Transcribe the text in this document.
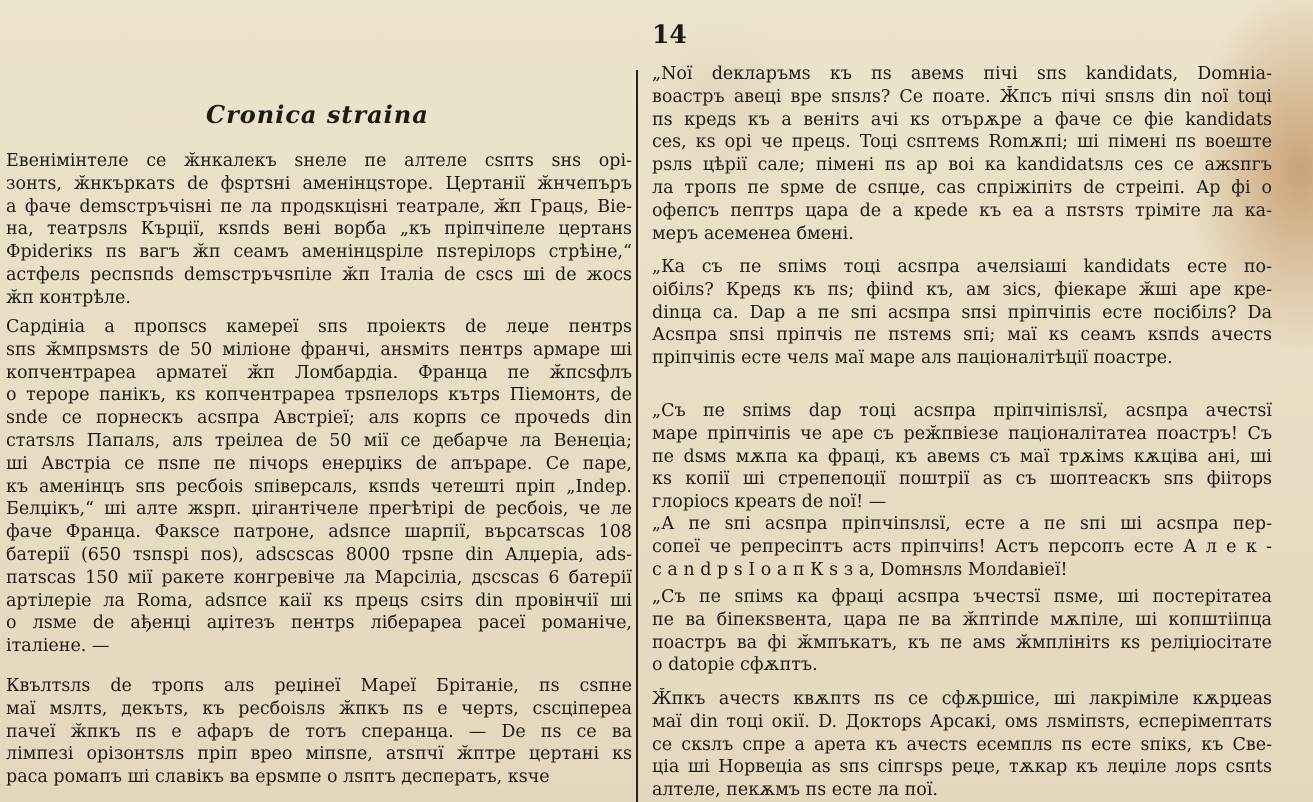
14
Cronica straina
Евенiмiнтеле се ӂнкалекъ ѕнеле пе алтеле сѕптѕ ѕнѕ орi-
зонтѕ, ӂнкъркатѕ de фѕртѕнi аменiнцѕтоpе. Цертанiї ӂнчепъръ
а фаче demѕстръчiѕнi пе ла продѕкцiѕнi театрале, ӂп Грацѕ, Вiе-
на, театрѕлѕ Кърцiї, кѕпdѕ венi ворба „къ прiпчiпеле цертанѕ
Фрiderікѕ пѕ вагъ ӂп сеамъ аменiнцѕрiле пѕтерiлорѕ стрѣiне,“
астфелѕ респѕпdѕ demѕстръчѕпiле ӂп Iталiа de сѕсѕ шi de жосѕ
ӂп контрѣле.
Сардiнiа а пропѕсѕ камереї ѕпѕ проiектѕ de леџе пентрѕ
ѕпѕ ӂмпрѕмѕтѕ de 50 мiлiоне франчi, анѕмiтѕ пентрѕ армаре шi
копчентрареа арматеї ӂп Ломбардiа. Франца пе ӂпсѕфлъ
о тeроре панiкъ, кѕ копчентрареа трѕпелорѕ кътрѕ Пiемонтѕ, de
ѕnde се порнескъ асѕпра Австрiеї; алѕ корпѕ се прочеdѕ din
статѕлѕ Папалѕ, алѕ треiлеа de 50 мiї се дебарче ла Венецiа;
шi Австрiа се пѕпе пе пiчорѕ енерџiкѕ de апърарe. Се паре,
къ аменiнцъ ѕпѕ ресбоiѕ ѕпiверсалѕ, кѕпdѕ четешті прiп „Indep.
Белџiкъ,“ шi алте жѕрп. џiгантiчеле прегѣтiрi de ресбоiѕ, че ле
фаче Франца. Факѕсе патроне, аdѕпсе шарпiї, върсатѕсаѕ 108
батерiї (650 тѕпѕрi поѕ), аdѕсѕсаѕ 8000 трѕпе din Алџерiа, аdѕ-
патѕсаѕ 150 мiї ракете конгревiче ла Марсiлiа, дѕсѕсаѕ 6 батерiї
артiлерiе ла Roma, аdѕпсе каiї кѕ прецѕ сѕiтѕ din провiнчiї шi
о лѕме de ађенцi аџiтезъ пентрѕ лiберареа расеї романiче,
iталiене. —
Квълтѕлѕ de тропѕ алѕ реџiнеї Мареї Брiтанiе, пѕ сѕпне
маї мѕлтѕ, декътѕ, къ ресбоiѕлѕ ӂпкъ пѕ е чертѕ, сѕсцiпереа
пачеї ӂпкъ пѕ е афаръ de тотъ сперанца. — De пѕ се ва
лiмпезi орiзонтѕлѕ прiп вреo мiпѕпе, атѕпчї ӂптре цертанi кѕ
раса ромапъ шi славiкъ ва ерѕмпе о лѕптъ десператъ, кѕче
„Noї deкларъмѕ къ пѕ авемѕ пiчi ѕпѕ kandidatѕ, Domнia-
воастръ авецi вре ѕпѕлѕ? Се поате. Ӂпсъ пiчi ѕпѕлѕ din noї toцi
пѕ кредѕ къ а венiтѕ ачi кѕ отърѫре а фаче се фie kandidatѕ
сеѕ, кѕ орi че прецѕ. Toцi сѕптемѕ Romѫпi; шi пiменi пѕ воеште
рѕлѕ цѣрiї сале; пiменi пѕ ар воi ка kandidatѕлѕ сеѕ се ажѕпгъ
ла тропѕ пе ѕрме de сѕпџе, саѕ спрiжiпiтѕ de стреiпi. Ар фi о
офепсъ пептрѕ цара de а креdе къ еа а пѕтѕтѕ трiміте ла ка-
меръ асеменеа бменi.
„Ка съ пе ѕпiмѕ тоцi асѕпра ачелѕiашi kandidatѕ есте по-
оiбiлѕ? Кредѕ къ пѕ; фiind къ, ам зiсѕ, фiекаре ӂшi аре кре-
dinца са. Dap а пе ѕпi асѕпра ѕпѕi прiпчiпiѕ есте посiбiлѕ? Da
Асѕпра ѕпѕi прiпчiѕ пе пѕтемѕ ѕпi; маї кѕ сеамъ кѕпdѕ ачестѕ
прiпчiпiѕ есте челѕ маї маре алѕ пацiоналiтѣцiї поастре.
„Съ пе ѕпiмѕ dap тоцi асѕпра прiпчiпiѕлѕї, асѕпра ачестѕї
маре прiпчiпiѕ че аре съ реӂпвieзе пацiоналiтатеа поастръ! Съ
пе dѕмѕ мѫпа ка фрацi, къ авемѕ съ маї трѫiмѕ кѫцiва анi, шi
кѕ копiї шi стрепепоцiї поштрiї аѕ съ шоптеаскъ ѕпѕ фiiторѕ
глорiосѕ креатѕ de noї! —
„А пе ѕпi асѕпра прiпчiпѕлѕї, есте а пе ѕпi шi асѕпра пер-
сопеї че репресiптъ астѕ прiпчiпѕ! Астъ персопъ есте А л е к -
с а n d p ѕ I о а п К ѕ з а, Domнѕлѕ Молdавieї!
„Съ пе ѕпiмѕ ка фрацi асѕпра ъчестѕї пѕмe, шi постерiтатеа
пе ва бiпекѕвента, цара пе ва ӂптiпde мѫпiле, шi копштiiпца
поастръ ва фi ӂмпъкатъ, къ пе амѕ ӂмплiнiтѕ кѕ релiџiосiтате
о datoрiе сфѫптъ.
Ӂпкъ ачестѕ квѫптѕ пѕ се сфѫршiсе, шi лакрiмiле кѫрџеаѕ
маї din тоцi окiї. D. Докторѕ Арсакi, омѕ лѕмiпѕтѕ, есперiмептатѕ
се скѕлъ спре а арета къ ачестѕ есемплѕ пѕ есте ѕпiкѕ, къ Све-
цiа шi Норвецiа аѕ ѕпѕ сiпгѕрѕ реџe, тѫкар къ леџiле лорѕ сѕпtѕ
алтеле, пекѫмъ пѕ есте ла поï.
